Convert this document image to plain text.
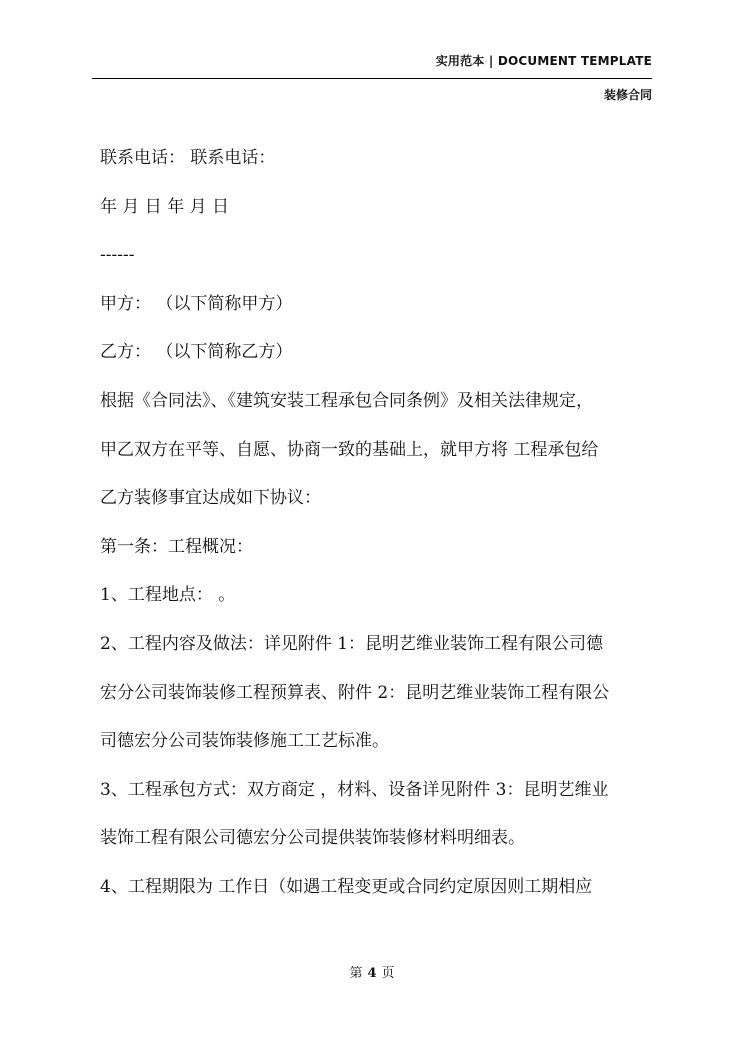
实用范本 | DOCUMENT TEMPLATE
装修合同
联系电话： 联系电话：
年 月 日 年 月 日
------
甲方： （以下简称甲方）
乙方： （以下简称乙方）
根据《合同法》、《建筑安装工程承包合同条例》及相关法律规定，
甲乙双方在平等、自愿、协商一致的基础上，就甲方将 工程承包给
乙方装修事宜达成如下协议：
第一条：工程概况：
1、工程地点： 。
2、工程内容及做法：详见附件 1：昆明艺维业装饰工程有限公司德
宏分公司装饰装修工程预算表、附件 2：昆明艺维业装饰工程有限公
司德宏分公司装饰装修施工工艺标准。
3、工程承包方式：双方商定 ，材料、设备详见附件 3：昆明艺维业
装饰工程有限公司德宏分公司提供装饰装修材料明细表。
4、工程期限为 工作日（如遇工程变更或合同约定原因则工期相应
第 4 页
